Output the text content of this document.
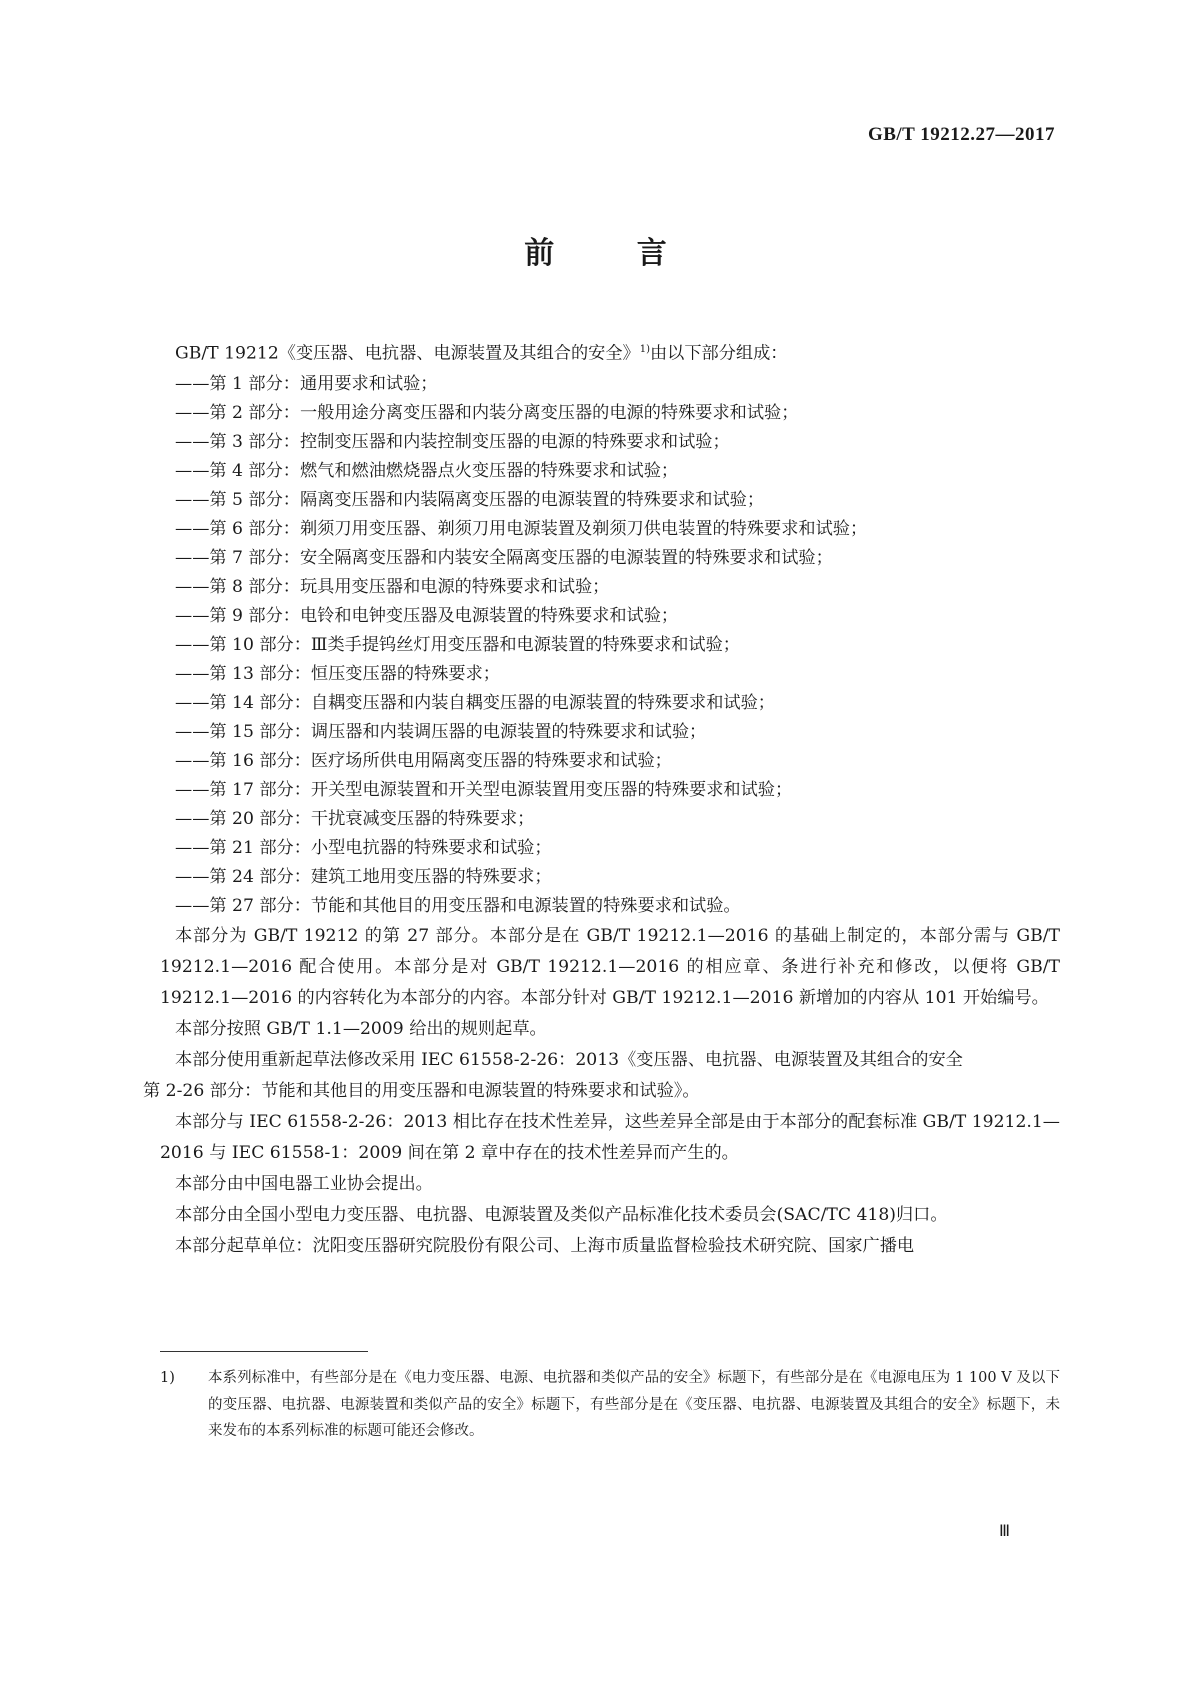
GB/T 19212.27—2017
前 言

GB/T 19212《变压器、电抗器、电源装置及其组合的安全》$^{1)}$由以下部分组成：

——第 1 部分：通用要求和试验；
——第 2 部分：一般用途分离变压器和内装分离变压器的电源的特殊要求和试验；
——第 3 部分：控制变压器和内装控制变压器的电源的特殊要求和试验；
——第 4 部分：燃气和燃油燃烧器点火变压器的特殊要求和试验；
——第 5 部分：隔离变压器和内装隔离变压器的电源装置的特殊要求和试验；
——第 6 部分：剃须刀用变压器、剃须刀用电源装置及剃须刀供电装置的特殊要求和试验；
——第 7 部分：安全隔离变压器和内装安全隔离变压器的电源装置的特殊要求和试验；
——第 8 部分：玩具用变压器和电源的特殊要求和试验；
——第 9 部分：电铃和电钟变压器及电源装置的特殊要求和试验；
——第 10 部分：Ⅲ类手提钨丝灯用变压器和电源装置的特殊要求和试验；
——第 13 部分：恒压变压器的特殊要求；
——第 14 部分：自耦变压器和内装自耦变压器的电源装置的特殊要求和试验；
——第 15 部分：调压器和内装调压器的电源装置的特殊要求和试验；
——第 16 部分：医疗场所供电用隔离变压器的特殊要求和试验；
——第 17 部分：开关型电源装置和开关型电源装置用变压器的特殊要求和试验；
——第 20 部分：干扰衰减变压器的特殊要求；
——第 21 部分：小型电抗器的特殊要求和试验；
——第 24 部分：建筑工地用变压器的特殊要求；
——第 27 部分：节能和其他目的用变压器和电源装置的特殊要求和试验。

本部分为 GB/T 19212 的第 27 部分。本部分是在 GB/T 19212.1—2016 的基础上制定的，本部分需与 GB/T 19212.1—2016 配合使用。本部分是对 GB/T 19212.1—2016 的相应章、条进行补充和修改，以便将 GB/T 19212.1—2016 的内容转化为本部分的内容。本部分针对 GB/T 19212.1—2016 新增加的内容从 101 开始编号。

本部分按照 GB/T 1.1—2009 给出的规则起草。

本部分使用重新起草法修改采用 IEC 61558-2-26：2013《变压器、电抗器、电源装置及其组合的安全
第 2-26 部分：节能和其他目的用变压器和电源装置的特殊要求和试验》。

本部分与 IEC 61558-2-26：2013 相比存在技术性差异，这些差异全部是由于本部分的配套标准 GB/T 19212.1—2016 与 IEC 61558-1：2009 间在第 2 章中存在的技术性差异而产生的。

本部分由中国电器工业协会提出。

本部分由全国小型电力变压器、电抗器、电源装置及类似产品标准化技术委员会(SAC/TC 418)归口。

本部分起草单位：沈阳变压器研究院股份有限公司、上海市质量监督检验技术研究院、国家广播电

1) 本系列标准中，有些部分是在《电力变压器、电源、电抗器和类似产品的安全》标题下，有些部分是在《电源电压为 1 100 V 及以下的变压器、电抗器、电源装置和类似产品的安全》标题下，有些部分是在《变压器、电抗器、电源装置及其组合的安全》标题下，未来发布的本系列标准的标题可能还会修改。
Ⅲ
